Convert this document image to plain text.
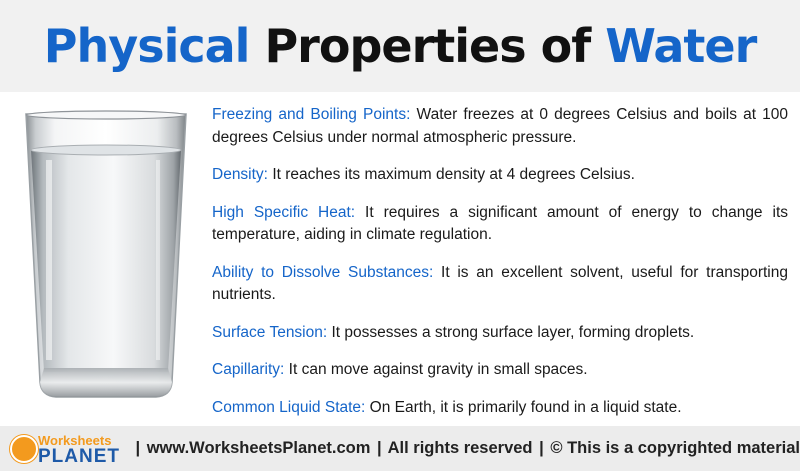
Physical Properties of Water
Freezing and Boiling Points: Water freezes at 0 degrees Celsius and boils at 100 degrees Celsius under normal atmospheric pressure.
Density: It reaches its maximum density at 4 degrees Celsius.
High Specific Heat: It requires a significant amount of energy to change its temperature, aiding in climate regulation.
Ability to Dissolve Substances: It is an excellent solvent, useful for transporting nutrients.
Surface Tension: It possesses a strong surface layer, forming droplets.
Capillarity: It can move against gravity in small spaces.
Common Liquid State: On Earth, it is primarily found in a liquid state.
Worksheets
PLANET | www.WorksheetsPlanet.com | All rights reserved | © This is a copyrighted material
